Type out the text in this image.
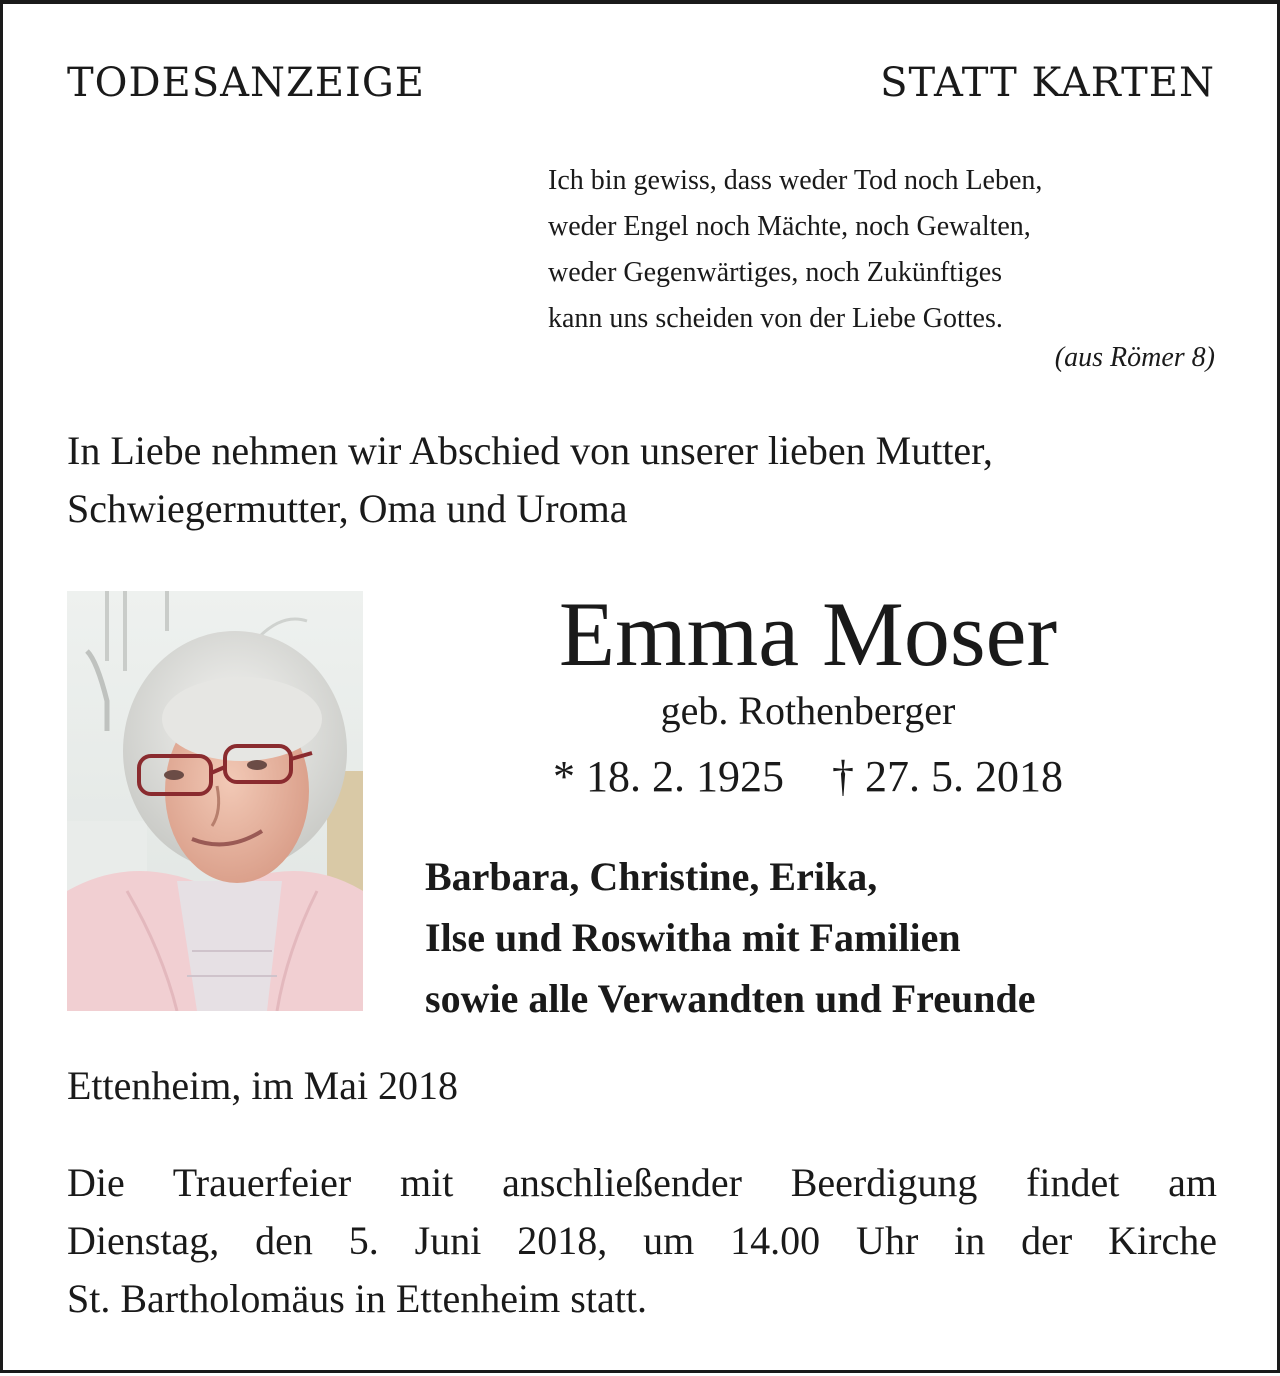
TODESANZEIGE	STATT KARTEN
Ich bin gewiss, dass weder Tod noch Leben,
weder Engel noch Mächte, noch Gewalten,
weder Gegenwärtiges, noch Zukünftiges
kann uns scheiden von der Liebe Gottes.
(aus Römer 8)
In Liebe nehmen wir Abschied von unserer lieben Mutter,
Schwiegermutter, Oma und Uroma
Emma Moser
geb. Rothenberger
* 18. 2. 1925 † 27. 5. 2018
Barbara, Christine, Erika,
Ilse und Roswitha mit Familien
sowie alle Verwandten und Freunde
Ettenheim, im Mai 2018
Die Trauerfeier mit anschließender Beerdigung findet am
Dienstag, den 5. Juni 2018, um 14.00 Uhr in der Kirche
St. Bartholomäus in Ettenheim statt.
